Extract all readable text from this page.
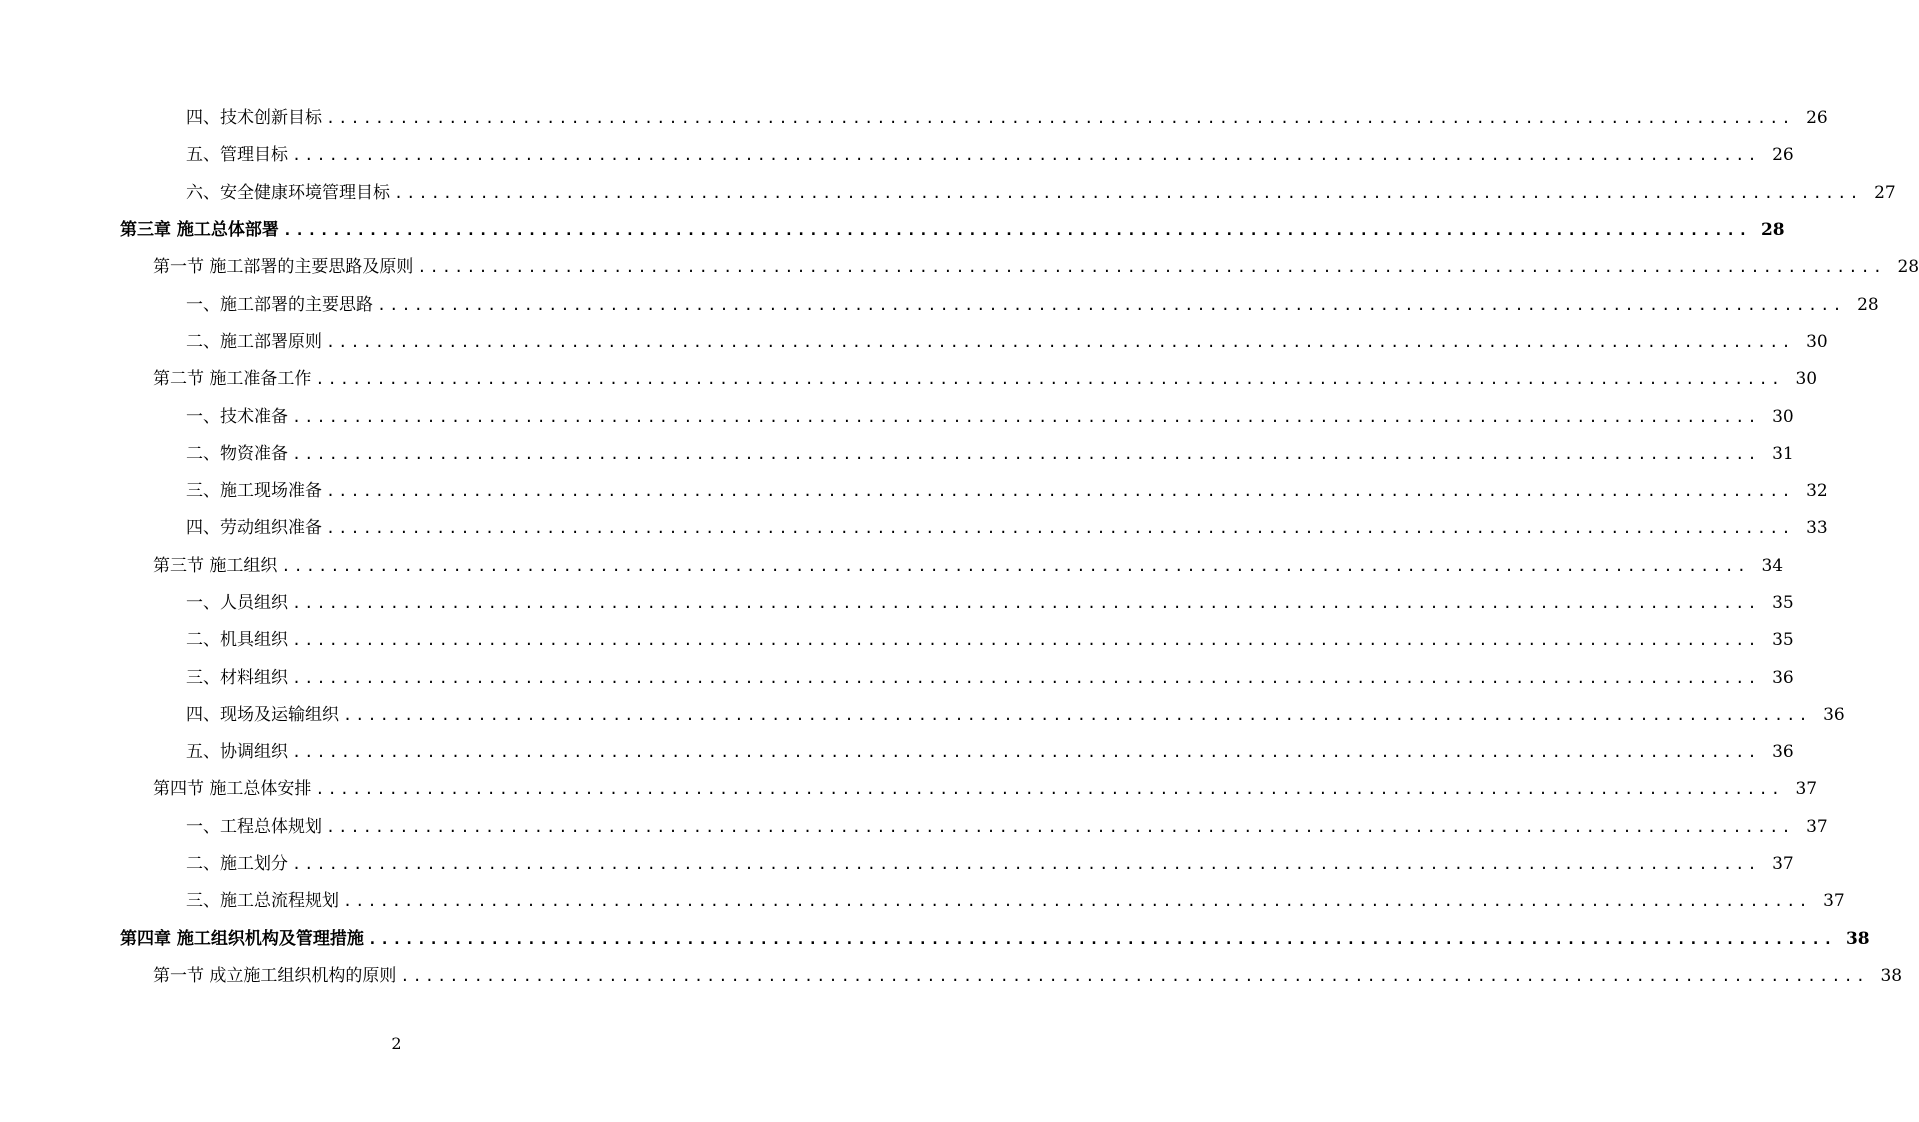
四、技术创新目标 ........................................................................................................................ 26
五、管理目标 ........................................................................................................................ 26
六、安全健康环境管理目标 ........................................................................................................................ 27
第三章 施工总体部署 ........................................................................................................................ 28
第一节 施工部署的主要思路及原则 ........................................................................................................................ 28
一、施工部署的主要思路 ........................................................................................................................ 28
二、施工部署原则 ........................................................................................................................ 30
第二节 施工准备工作 ........................................................................................................................ 30
一、技术准备 ........................................................................................................................ 30
二、物资准备 ........................................................................................................................ 31
三、施工现场准备 ........................................................................................................................ 32
四、劳动组织准备 ........................................................................................................................ 33
第三节 施工组织 ........................................................................................................................ 34
一、人员组织 ........................................................................................................................ 35
二、机具组织 ........................................................................................................................ 35
三、材料组织 ........................................................................................................................ 36
四、现场及运输组织 ........................................................................................................................ 36
五、协调组织 ........................................................................................................................ 36
第四节 施工总体安排 ........................................................................................................................ 37
一、工程总体规划 ........................................................................................................................ 37
二、施工划分 ........................................................................................................................ 37
三、施工总流程规划 ........................................................................................................................ 37
第四章 施工组织机构及管理措施 ........................................................................................................................ 38
第一节 成立施工组织机构的原则 ........................................................................................................................ 38
2
